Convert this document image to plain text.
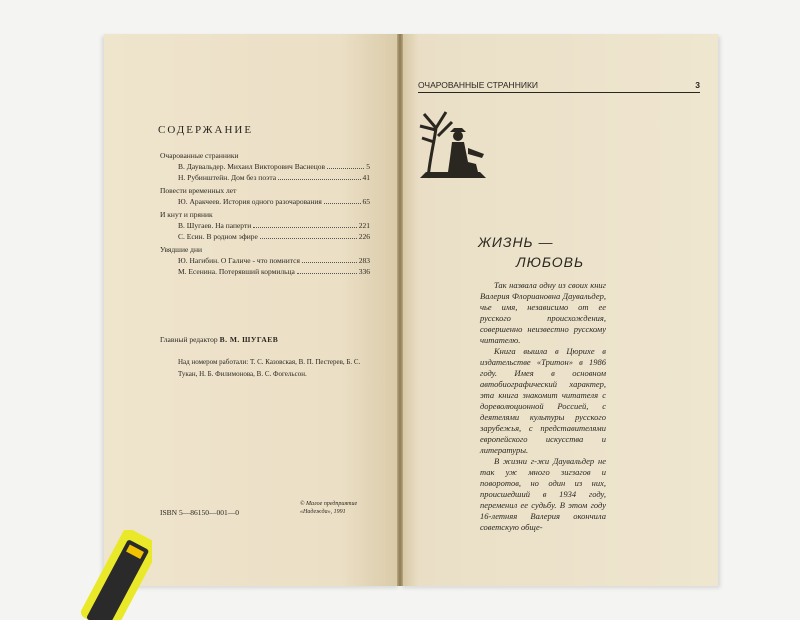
СОДЕРЖАНИЕ
Очарованные странники
В. Даувальдер. Михаил Викторович Васнецов	5
Н. Рубинштейн. Дом без поэта	41
Повести временных лет
Ю. Аракчеев. История одного разочарования	65
И кнут и пряник
В. Шугаев. На паперти	221
С. Есин. В родном эфире	226
Увядшие дни
Ю. Нагибин. О Галиче - что помнится	283
М. Есенина. Потерявший кормильца	336
Главный редактор В. М. ШУГАЕВ
Над номером работали: Т. С. Казовская, В. П. Пестерев, Б. С. Тукан, Н. Б. Филимонова, В. С. Фогельсон.
ISBN 5—86150—001—0
© Малое предприятие
«Надежда», 1991
ОЧАРОВАННЫЕ СТРАННИКИ	3
ЖИЗНЬ —
ЛЮБОВЬ

Так назвала одну из своих книг Валерия Флориановна Даувальдер, чье имя, независимо от ее русского происхождения, совершенно неизвестно русскому читателю.

Книга вышла в Цюрихе в издательстве «Тритон» в 1986 году. Имея в основном автобиографический характер, эта книга знакомит читателя с дореволюционной Россией, с деятелями культуры русского зарубежья, с представителями европейского искусства и литературы.

В жизни г-жи Даувальдер не так уж много зигзагов и поворотов, но один из них, происшедший в 1934 году, переменил ее судьбу. В этом году 16-летняя Валерия окончила советскую обще-
